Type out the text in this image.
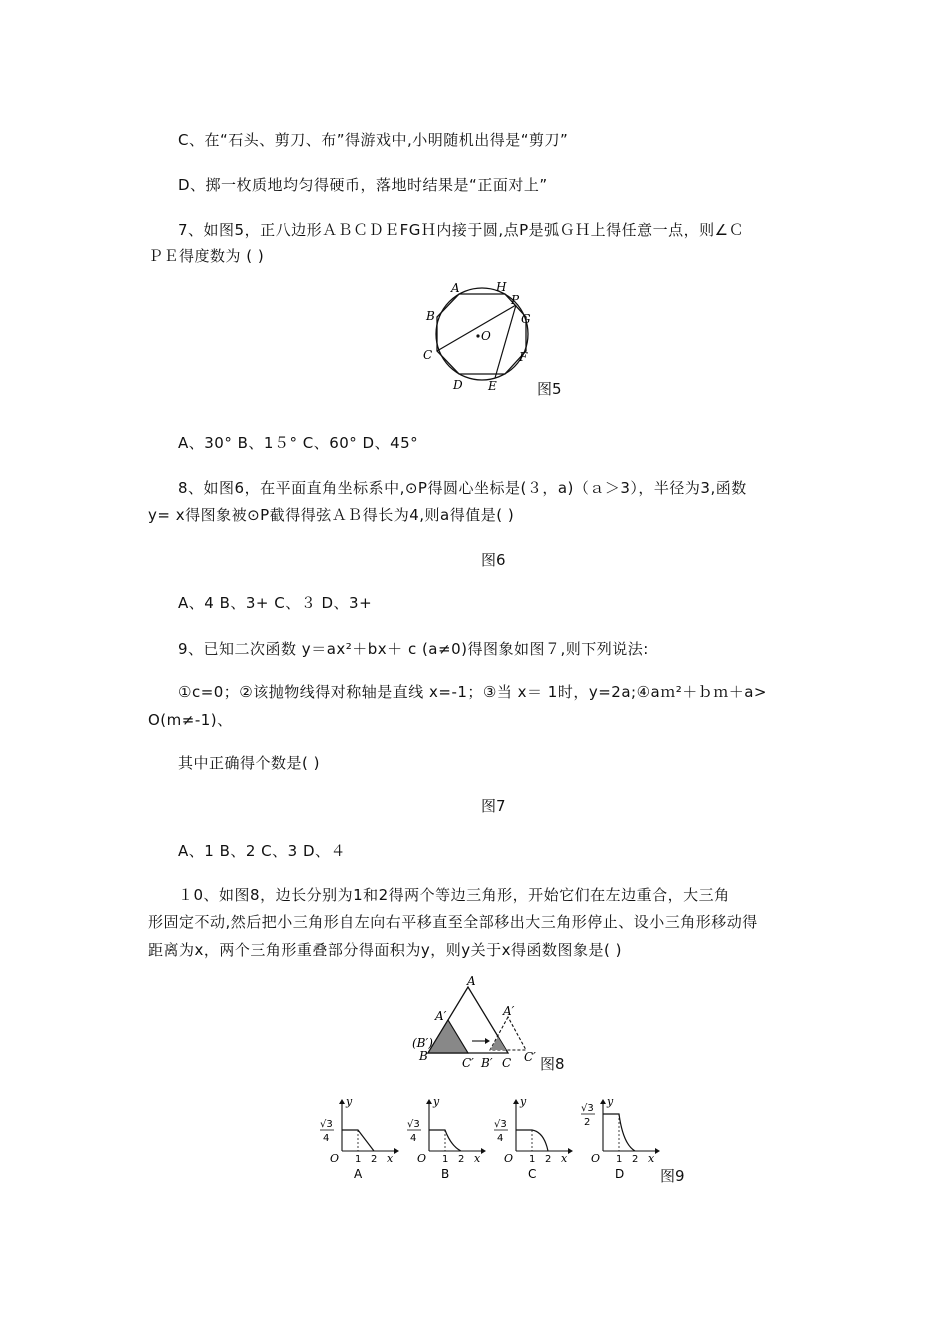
C、在“石头、剪刀、布”得游戏中,小明随机出得是“剪刀”
D、掷一枚质地均匀得硬币，落地时结果是“正面对上”
7、如图5，正八边形ＡＢＣＤＥFGＨ内接于圆,点P是弧ＧＨ上得任意一点，则∠Ｃ
ＰＥ得度数为 ( )
A	H
P
B	G
O
C	F
D E	图5
A、30° B、1５° C、60° D、45°
8、如图6，在平面直角坐标系中,⊙P得圆心坐标是(３，a)（ａ＞3），半径为3,函数
y= x得图象被⊙P截得得弦ＡＢ得长为4,则a得值是( )
图6
A、4 B、3+ C、３ D、3+
9、已知二次函数 y＝ax²＋bx＋ c (a≠0)得图象如图７,则下列说法:
①c=0；②该抛物线得对称轴是直线 x=-1；③当 x＝ 1时，y=2a;④aｍ²＋ｂｍ＋a>
O(m≠-1)、
其中正确得个数是( )
图7
A、1 B、2 C、3 D、４
１0、如图8，边长分别为1和2得两个等边三角形，开始它们在左边重合，大三角
形固定不动,然后把小三角形自左向右平移直至全部移出大三角形停止、设小三角形移动得
距离为x，两个三角形重叠部分得面积为y，则y关于x得函数图象是( )
A
A′	A′
(B′)
B	C′ B′ C C′ 图8
y
√3
4
O 1 2 x
A
y
√3
4
O 1 2 x
B
y
√3
4
O 1 2 x
C
y
√3
2
O 1 2 x
D 图9
